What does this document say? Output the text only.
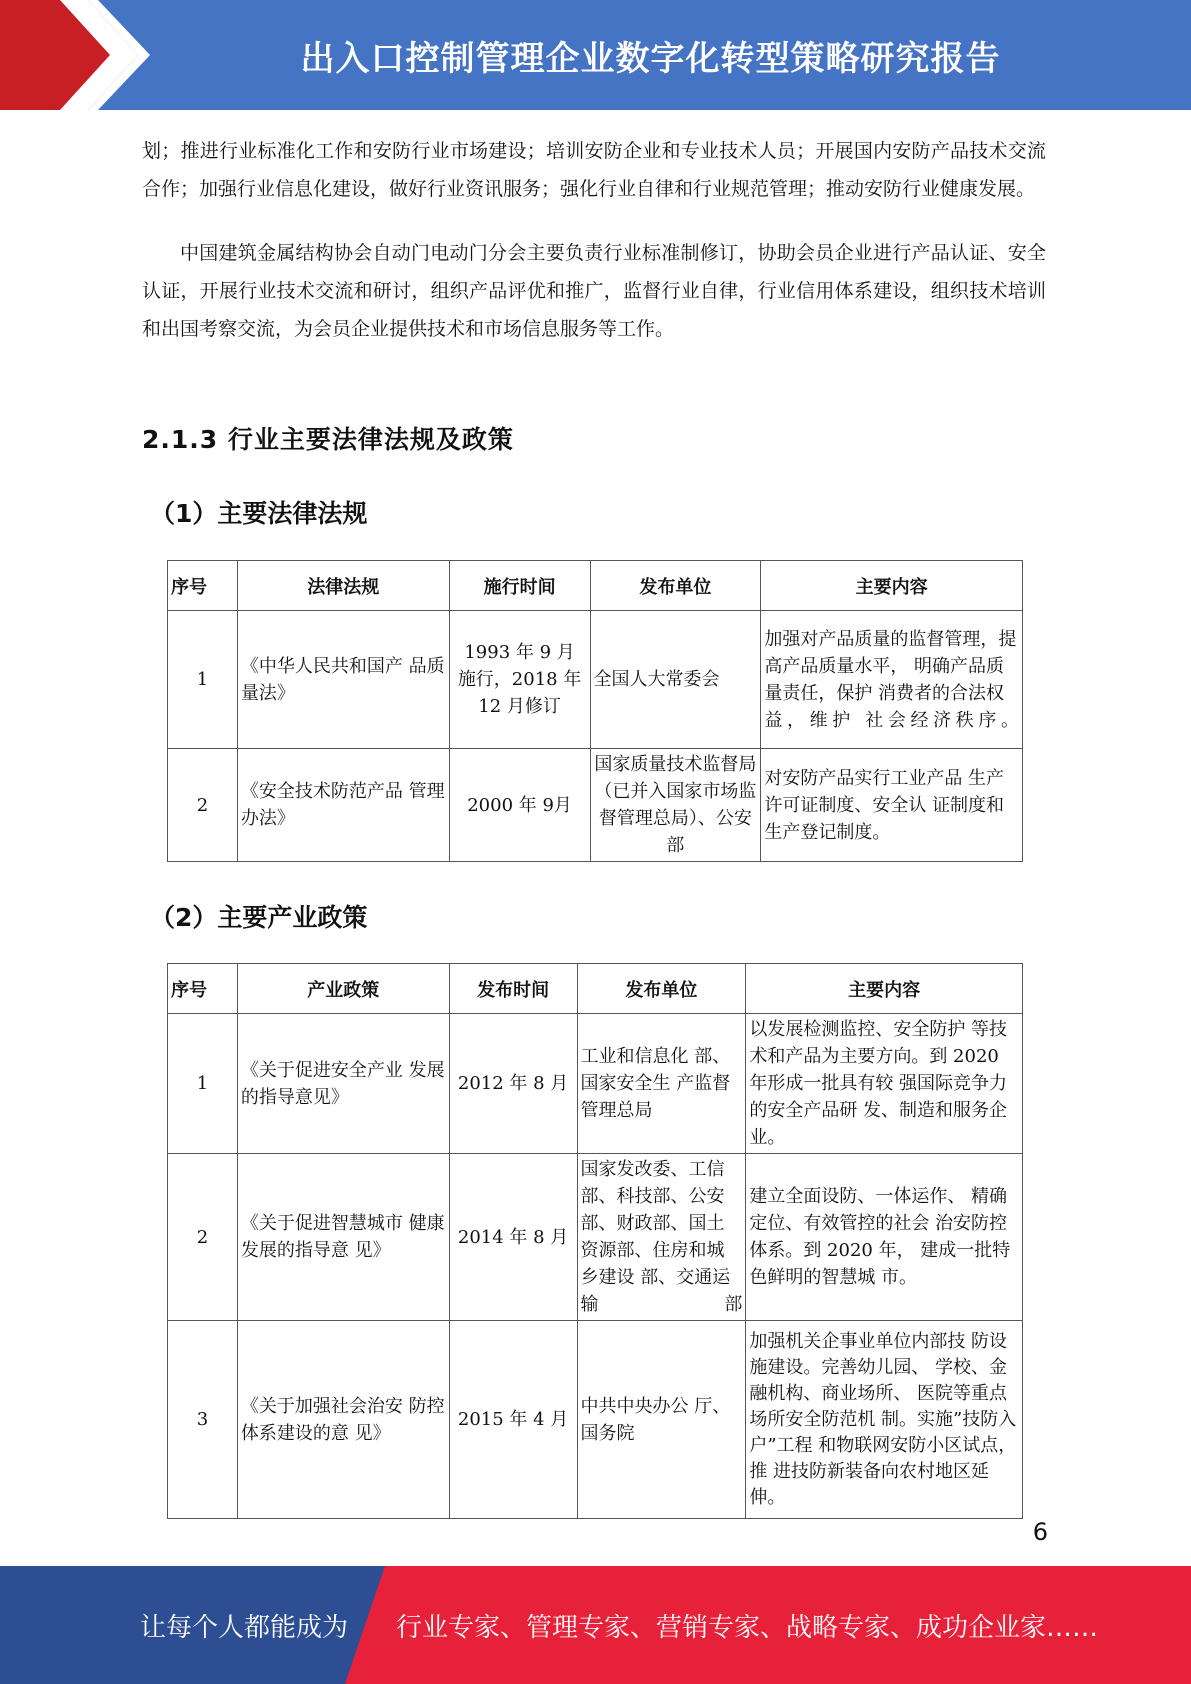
出入口控制管理企业数字化转型策略研究报告

划；推进行业标准化工作和安防行业市场建设；培训安防企业和专业技术人员；开展国内安防产品技术交流合作；加强行业信息化建设，做好行业资讯服务；强化行业自律和行业规范管理；推动安防行业健康发展。

中国建筑金属结构协会自动门电动门分会主要负责行业标准制修订，协助会员企业进行产品认证、安全认证，开展行业技术交流和研讨，组织产品评优和推广，监督行业自律，行业信用体系建设，组织技术培训和出国考察交流，为会员企业提供技术和市场信息服务等工作。

2.1.3 行业主要法律法规及政策
（1）主要法律法规
序号	法律法规	施行时间	发布单位	主要内容
1	《中华人民共和国产 品质量法》	1993 年 9 月 施行，2018 年 12 月修订	全国人大常委会	加强对产品质量的监督管理，提高产品质量水平， 明确产品质量责任，保护 消费者的合法权益，维护 社会经济秩序。
2	《安全技术防范产品 管理办法》	2000 年 9月	国家质量技术监督局（已并入国家市场监督管理总局）、公安部	对安防产品实行工业产品 生产许可证制度、安全认 证制度和生产登记制度。
（2）主要产业政策
序号	产业政策	发布时间	发布单位	主要内容
1	《关于促进安全产业 发展的指导意见》	2012 年 8 月	工业和信息化 部、国家安全生 产监督管理总局	以发展检测监控、安全防护 等技术和产品为主要方向。到 2020 年形成一批具有较 强国际竞争力的安全产品研 发、制造和服务企业。
2	《关于促进智慧城市 健康发展的指导意 见》	2014 年 8 月	国家发改委、工信部、科技部、公安部、财政部、国土资源部、住房和城乡建设 部、交通运输部	建立全面设防、一体运作、 精确定位、有效管控的社会 治安防控体系。到 2020 年， 建成一批特色鲜明的智慧城 市。
3	《关于加强社会治安 防控体系建设的意 见》	2015 年 4 月	中共中央办公 厅、国务院	加强机关企事业单位内部技 防设施建设。完善幼儿园、 学校、金融机构、商业场所、 医院等重点场所安全防范机 制。实施”技防入户”工程 和物联网安防小区试点，推 进技防新装备向农村地区延 伸。
6
让每个人都能成为 行业专家、管理专家、营销专家、战略专家、成功企业家……
